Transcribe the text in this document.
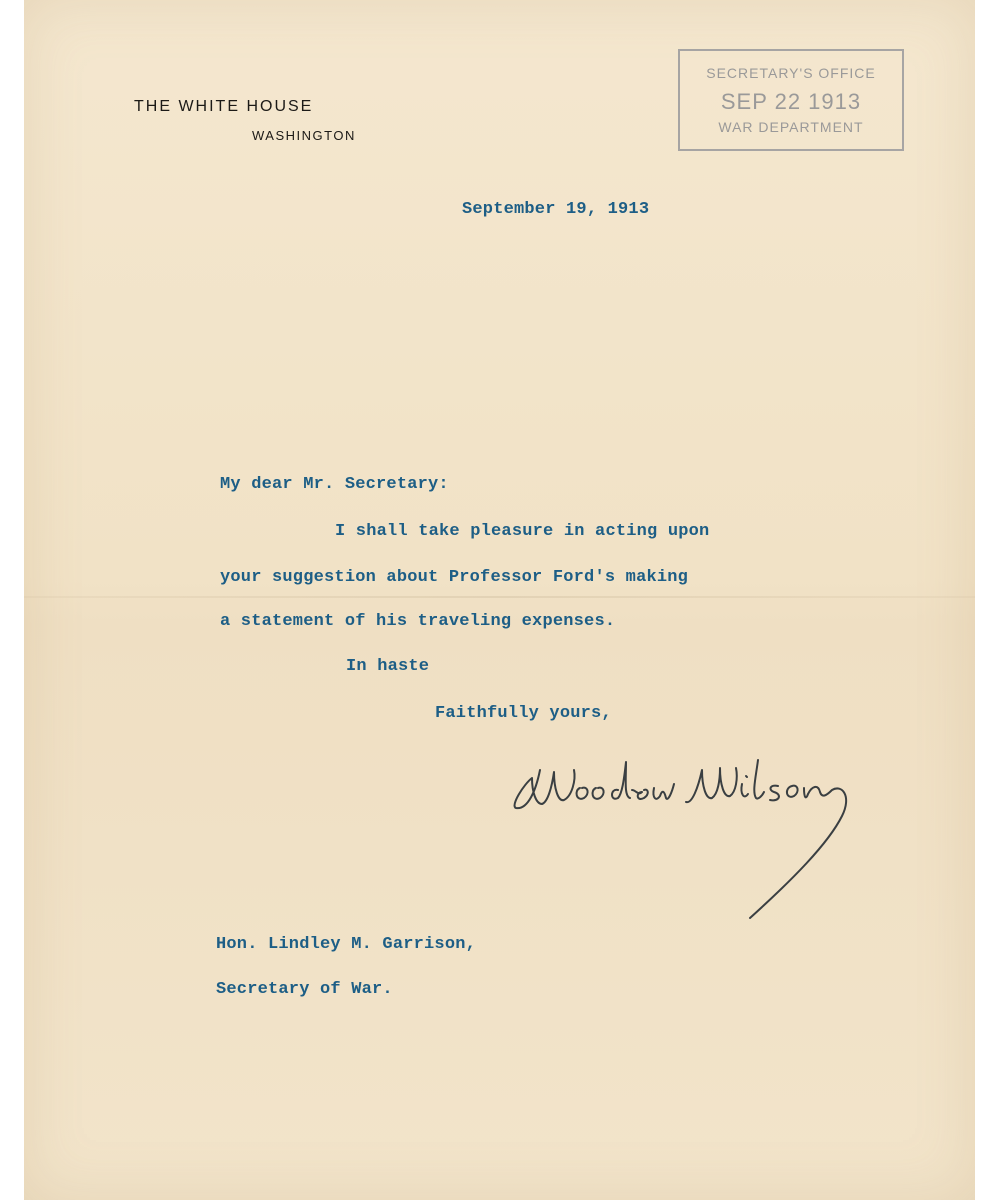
THE WHITE HOUSE
WASHINGTON
SECRETARY'S OFFICE
SEP 22 1913
WAR DEPARTMENT
September 19, 1913
My dear Mr. Secretary:
I shall take pleasure in acting upon
your suggestion about Professor Ford's making
a statement of his traveling expenses.
In haste
Faithfully yours,
Hon. Lindley M. Garrison,
Secretary of War.
